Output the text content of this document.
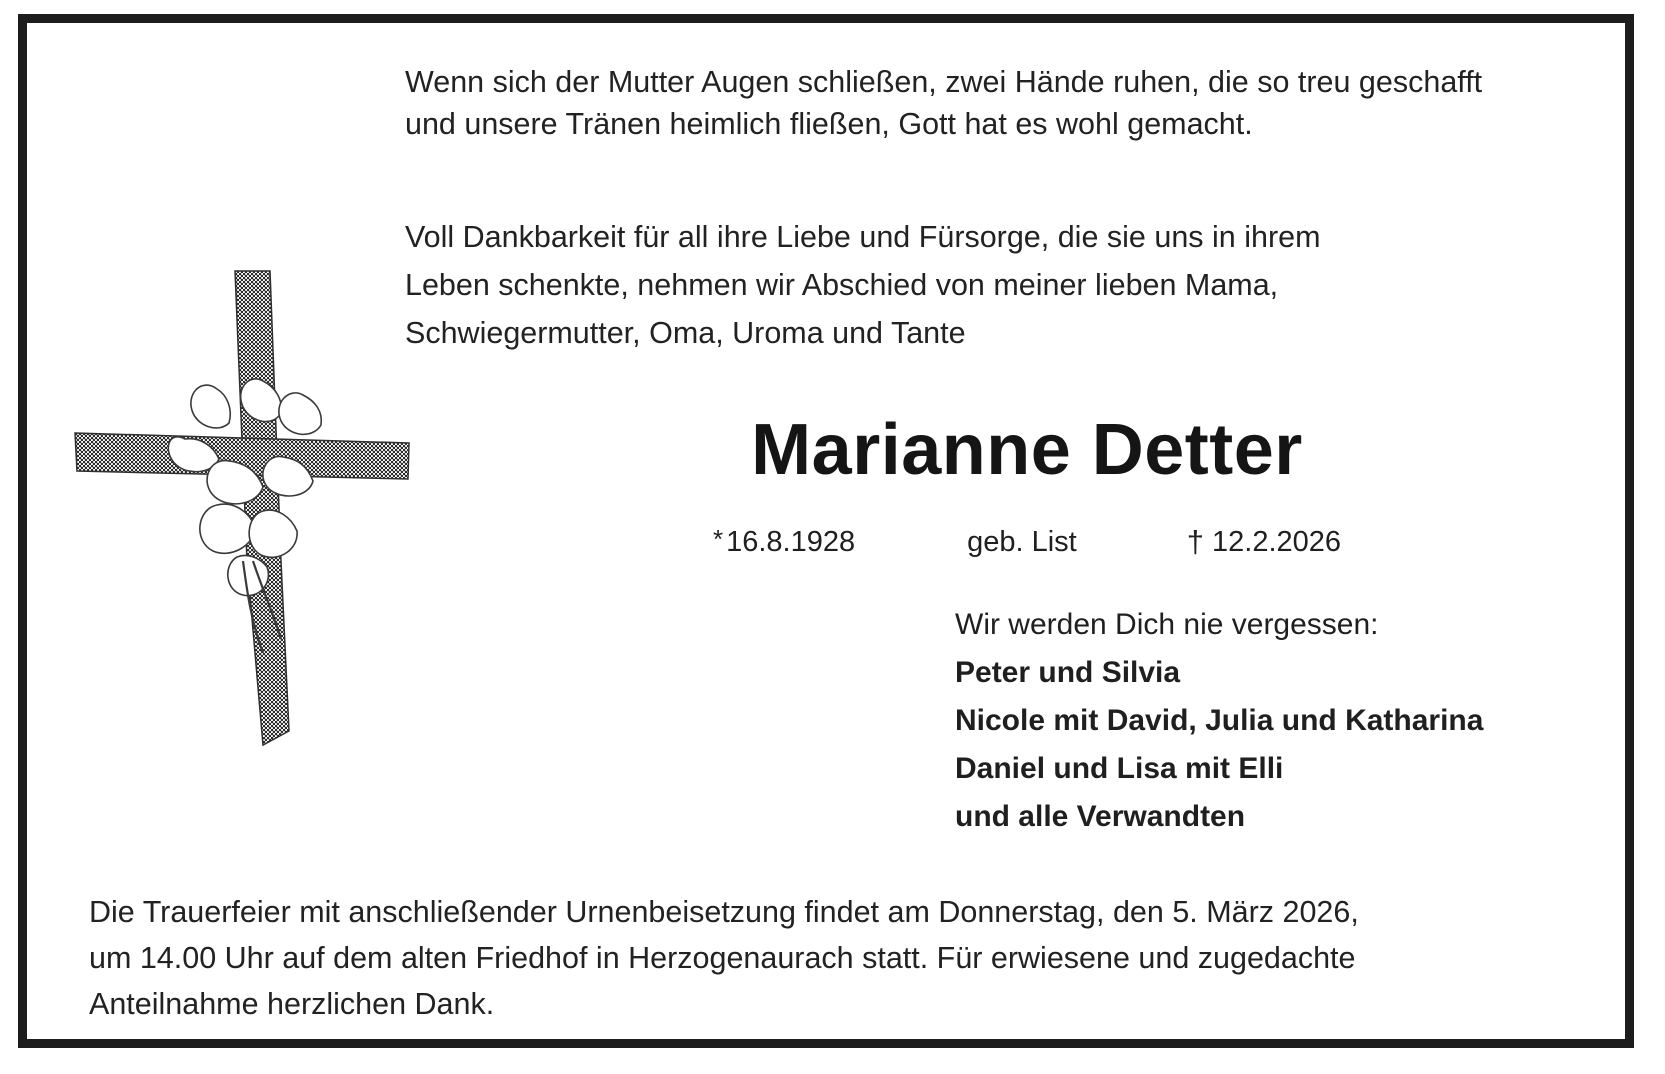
Wenn sich der Mutter Augen schließen, zwei Hände ruhen, die so treu geschafft
und unsere Tränen heimlich fließen, Gott hat es wohl gemacht.
Voll Dankbarkeit für all ihre Liebe und Fürsorge, die sie uns in ihrem
Leben schenkte, nehmen wir Abschied von meiner lieben Mama,
Schwiegermutter, Oma, Uroma und Tante
Marianne Detter
* 16.8.1928	geb. List	† 12.2.2026
Wir werden Dich nie vergessen:
Peter und Silvia
Nicole mit David, Julia und Katharina
Daniel und Lisa mit Elli
und alle Verwandten
Die Trauerfeier mit anschließender Urnenbeisetzung findet am Donnerstag, den 5. März 2026,
um 14.00 Uhr auf dem alten Friedhof in Herzogenaurach statt. Für erwiesene und zugedachte
Anteilnahme herzlichen Dank.
